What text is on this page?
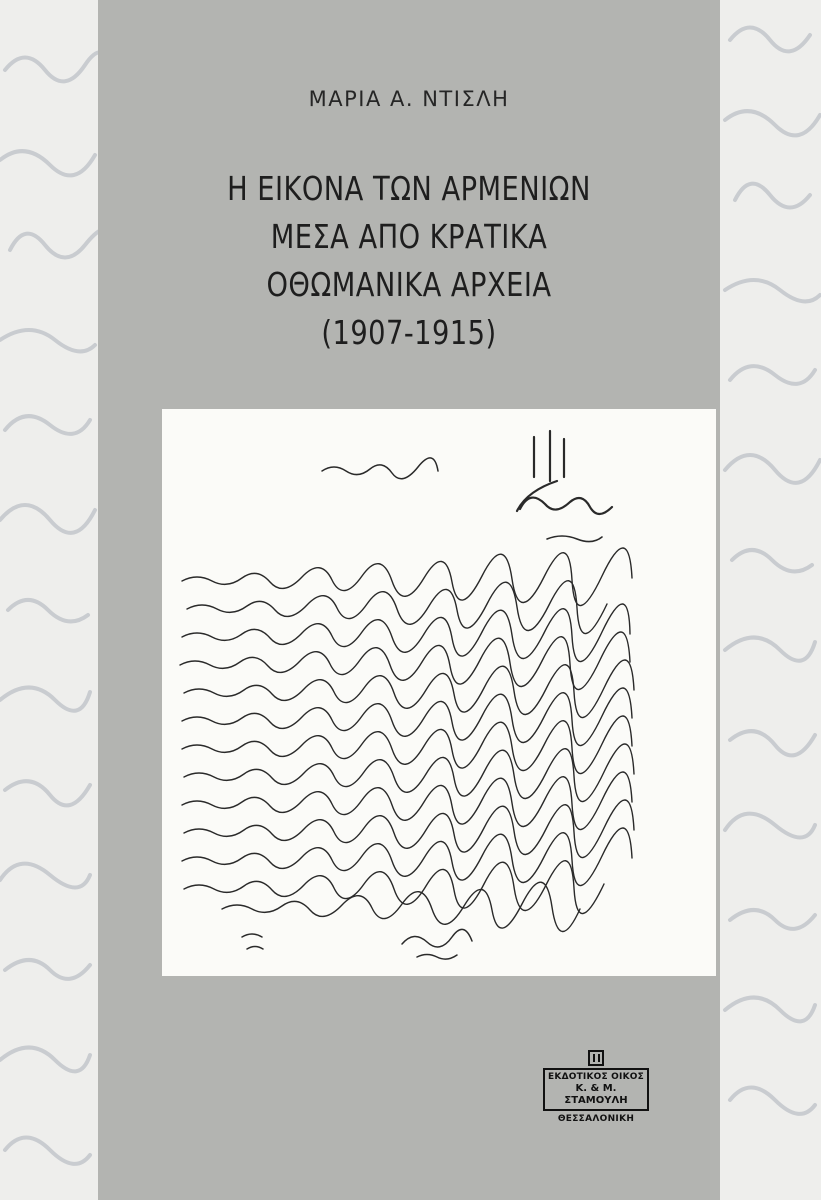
ΜΑΡΙΑ Α. ΝΤΙΣΛΗ
Η ΕΙΚΟΝΑ ΤΩΝ ΑΡΜΕΝΙΩΝ
ΜΕΣΑ ΑΠΟ ΚΡΑΤΙΚΑ
ΟΘΩΜΑΝΙΚΑ ΑΡΧΕΙΑ
(1907-1915)
ΕΚΔΟΤΙΚΟΣ ΟΙΚΟΣ
Κ. & Μ. ΣΤΑΜΟΥΛΗ
ΘΕΣΣΑΛΟΝΙΚΗ
